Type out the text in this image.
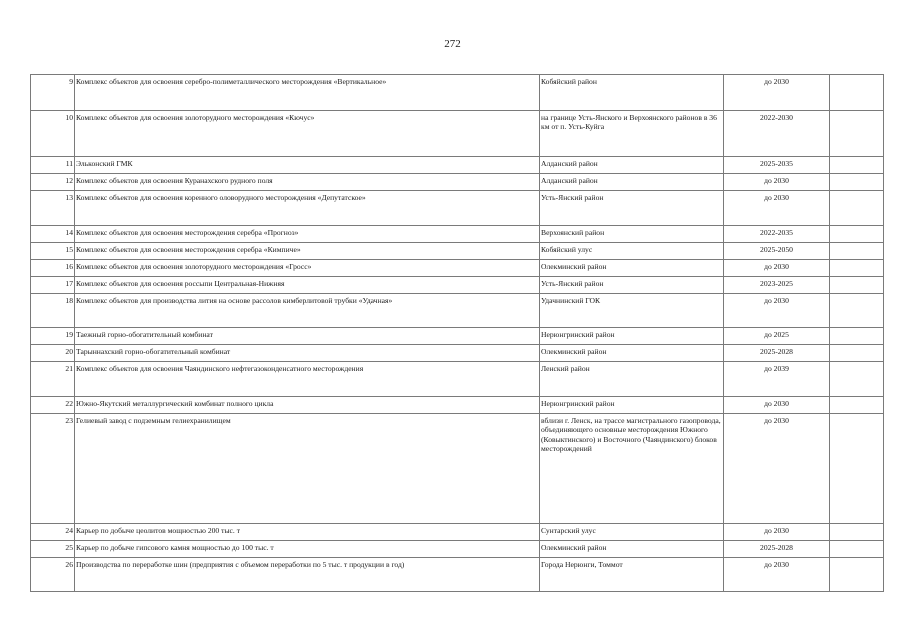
272
9	Комплекс объектов для освоения серебро-полиметаллического месторождения «Вертикальное»	Кобяйский район	до 2030	
10	Комплекс объектов для освоения золоторудного месторождения «Кючус»	на границе Усть-Янского и Верхоянского районов в 36 км от п. Усть-Куйга	2022-2030	
11	Эльконский ГМК	Алданский район	2025-2035	
12	Комплекс объектов для освоения Куранахского рудного поля	Алданский район	до 2030	
13	Комплекс объектов для освоения коренного оловорудного месторождения «Депутатское»	Усть-Янский район	до 2030	
14	Комплекс объектов для освоения месторождения серебра «Прогноз»	Верхоянский район	2022-2035	
15	Комплекс объектов для освоения месторождения серебра «Кимпиче»	Кобяйский улус	2025-2050	
16	Комплекс объектов для освоения золоторудного месторождения «Гросс»	Олекминский район	до 2030	
17	Комплекс объектов для освоения россыпи Центральная-Нижняя	Усть-Янский район	2023-2025	
18	Комплекс объектов для производства лития на основе рассолов кимберлитовой трубки «Удачная»	Удачнинский ГОК	до 2030	
19	Таежный горно-обогатительный комбинат	Нерюнгринский район	до 2025	
20	Тарыннахский горно-обогатительный комбинат	Олекминский район	2025-2028	
21	Комплекс объектов для освоения Чаяндинского нефтегазоконденсатного месторождения	Ленский район	до 2039	
22	Южно-Якутский металлургический комбинат полного цикла	Нерюнгринский район	до 2030	
23	Гелиевый завод с подземным гелиехранилищем	вблизи г. Ленск, на трассе магистрального газопровода, объединяющего основные месторождения Южного (Ковыктинского) и Восточного (Чаяндинского) блоков месторождений	до 2030	
24	Карьер по добыче цеолитов мощностью 200 тыс. т	Сунтарский улус	до 2030	
25	Карьер по добыче гипсового камня мощностью до 100 тыс. т	Олекминский район	2025-2028	
26	Производства по переработке шин (предприятия с объемом переработки по 5 тыс. т продукции в год)	Города Нерюнги, Томмот	до 2030	
